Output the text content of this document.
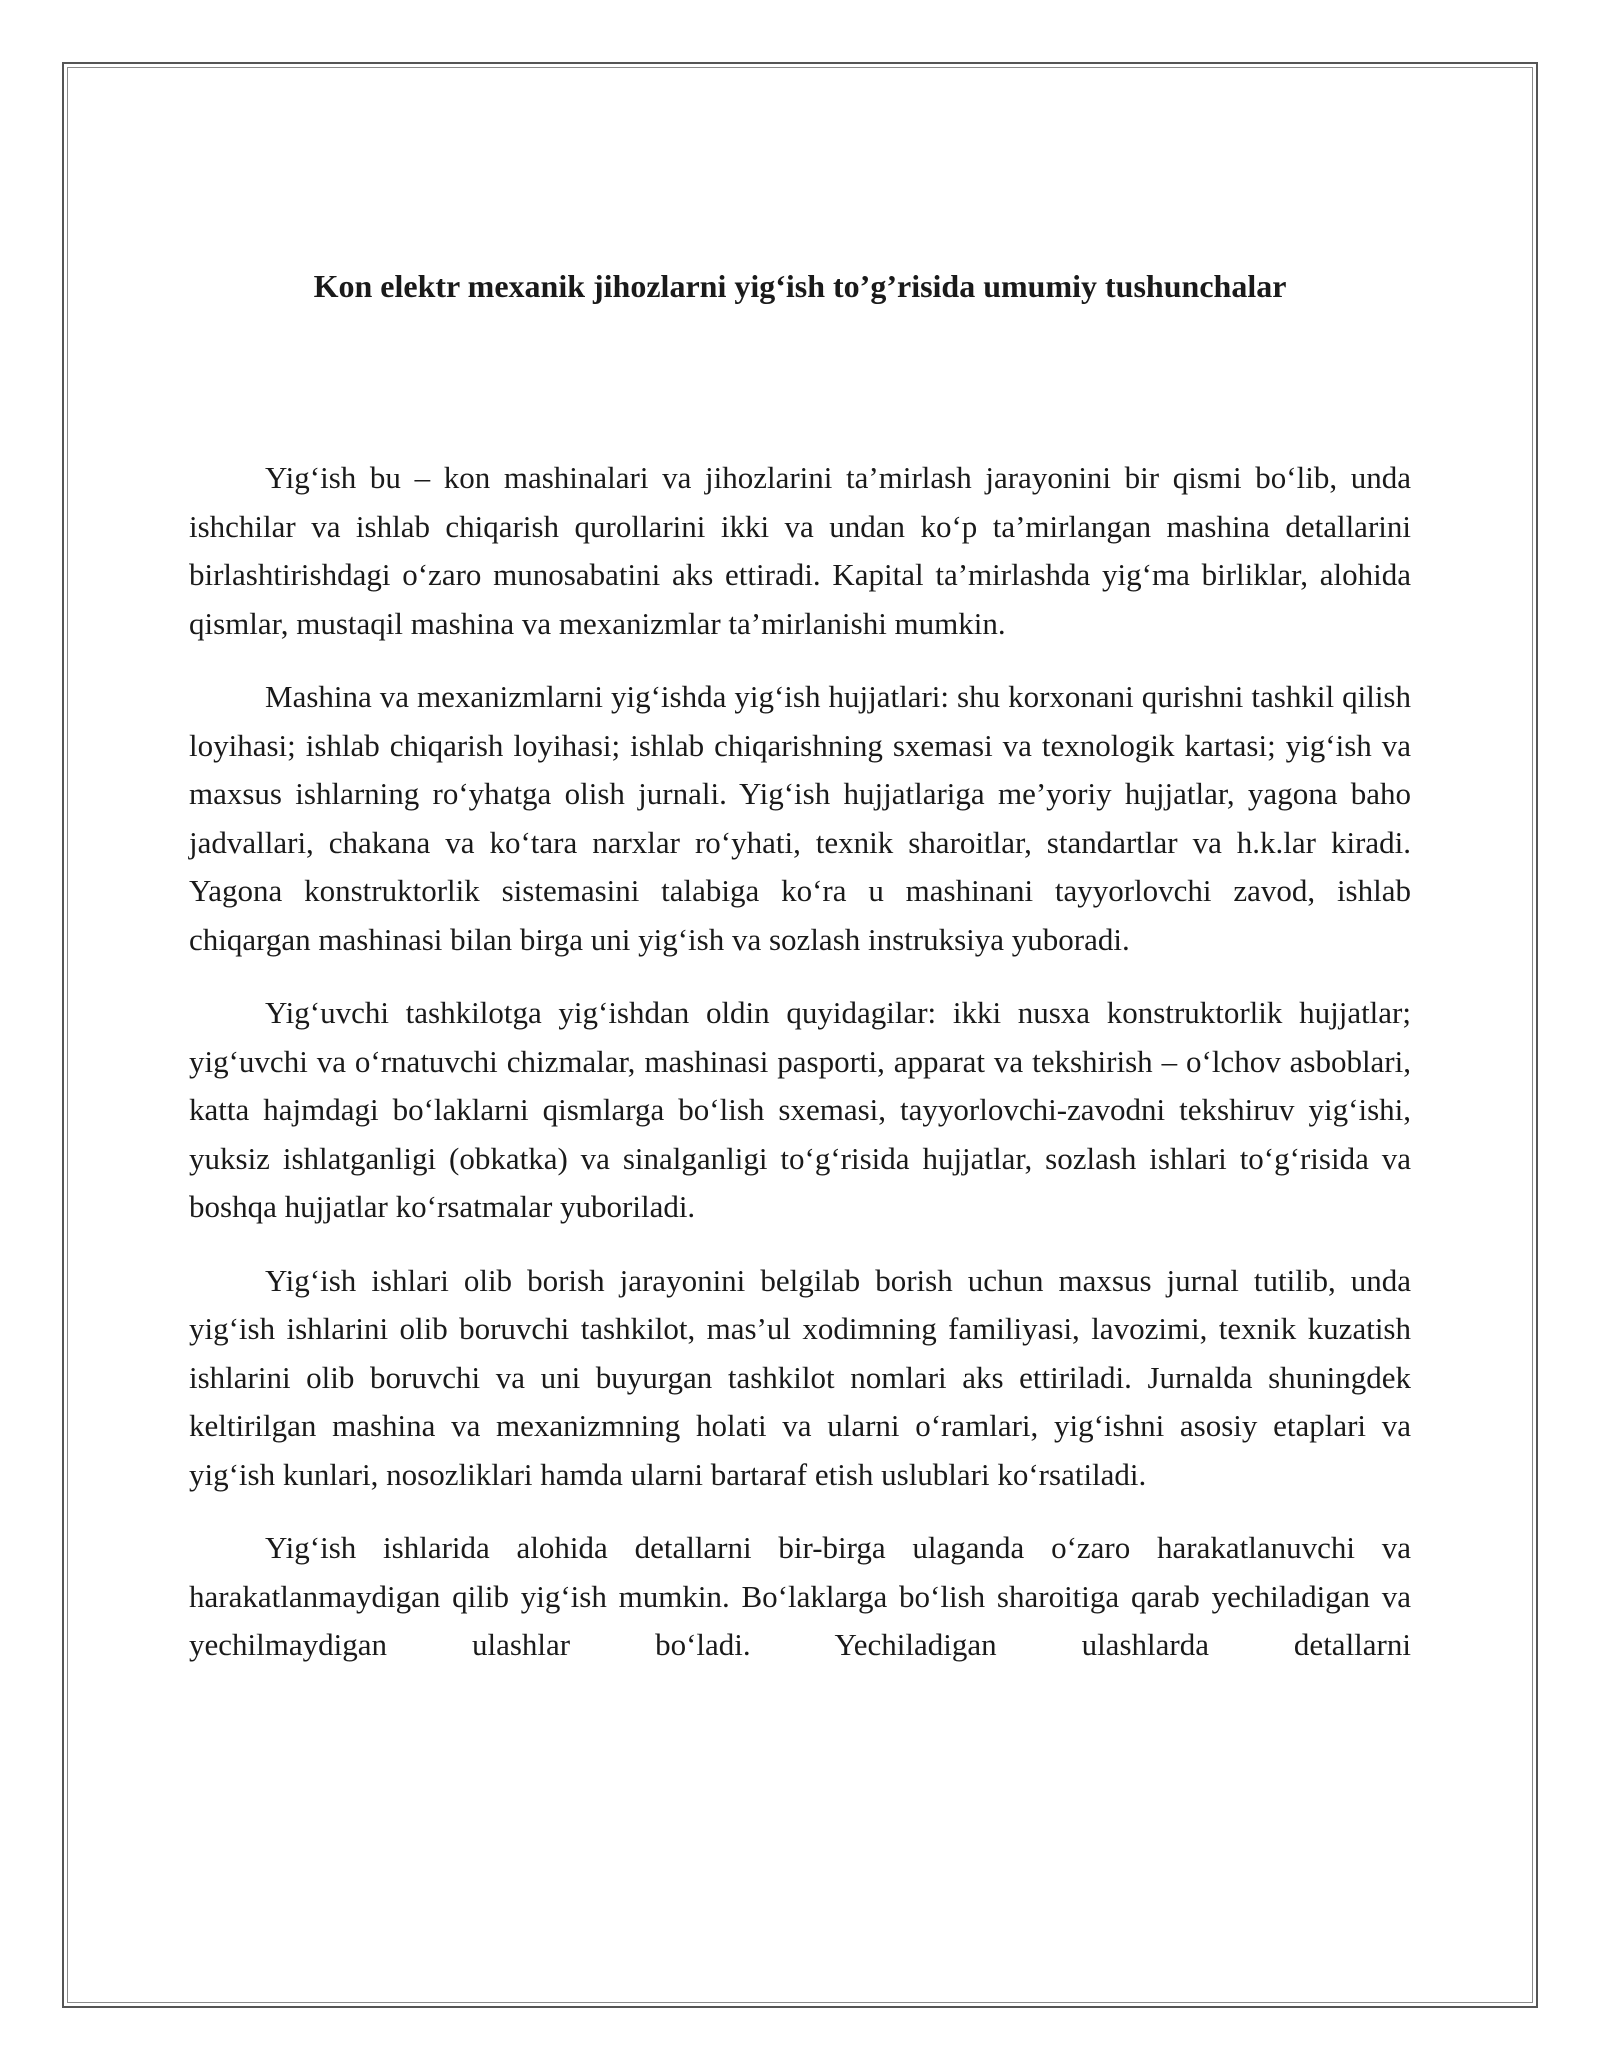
Kon elektr mexanik jihozlarni yig‘ish to’g’risida umumiy tushunchalar

Yig‘ish bu – kon mashinalari va jihozlarini ta’mirlash jarayonini bir qismi bo‘lib, unda ishchilar va ishlab chiqarish qurollarini ikki va undan ko‘p ta’mirlangan mashina detallarini birlashtirishdagi o‘zaro munosabatini aks ettiradi. Kapital ta’mirlashda yig‘ma birliklar, alohida qismlar, mustaqil mashina va mexanizmlar ta’mirlanishi mumkin.

Mashina va mexanizmlarni yig‘ishda yig‘ish hujjatlari: shu korxonani qurishni tashkil qilish loyihasi; ishlab chiqarish loyihasi; ishlab chiqarishning sxemasi va texnologik kartasi; yig‘ish va maxsus ishlarning ro‘yhatga olish jurnali. Yig‘ish hujjatlariga me’yoriy hujjatlar, yagona baho jadvallari, chakana va ko‘tara narxlar ro‘yhati, texnik sharoitlar, standartlar va h.k.lar kiradi. Yagona konstruktorlik sistemasini talabiga ko‘ra u mashinani tayyorlovchi zavod, ishlab chiqargan mashinasi bilan birga uni yig‘ish va sozlash instruksiya yuboradi.

Yig‘uvchi tashkilotga yig‘ishdan oldin quyidagilar: ikki nusxa konstruktorlik hujjatlar; yig‘uvchi va o‘rnatuvchi chizmalar, mashinasi pasporti, apparat va tekshirish – o‘lchov asboblari, katta hajmdagi bo‘laklarni qismlarga bo‘lish sxemasi, tayyorlovchi-zavodni tekshiruv yig‘ishi, yuksiz ishlatganligi (obkatka) va sinalganligi to‘g‘risida hujjatlar, sozlash ishlari to‘g‘risida va boshqa hujjatlar ko‘rsatmalar yuboriladi.

Yig‘ish ishlari olib borish jarayonini belgilab borish uchun maxsus jurnal tutilib, unda yig‘ish ishlarini olib boruvchi tashkilot, mas’ul xodimning familiyasi, lavozimi, texnik kuzatish ishlarini olib boruvchi va uni buyurgan tashkilot nomlari aks ettiriladi. Jurnalda shuningdek keltirilgan mashina va mexanizmning holati va ularni o‘ramlari, yig‘ishni asosiy etaplari va yig‘ish kunlari, nosozliklari hamda ularni bartaraf etish uslublari ko‘rsatiladi.

Yig‘ish ishlarida alohida detallarni bir-birga ulaganda o‘zaro harakatlanuvchi va harakatlanmaydigan qilib yig‘ish mumkin. Bo‘laklarga bo‘lish sharoitiga qarab yechiladigan va yechilmaydigan ulashlar bo‘ladi. Yechiladigan ulashlarda detallarni
